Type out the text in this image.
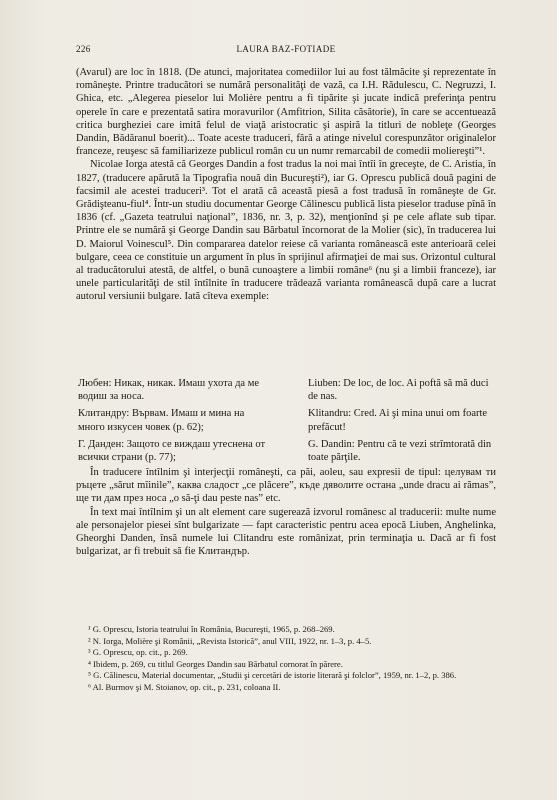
226	LAURA BAZ-FOTIADE

(Avarul) are loc în 1818. (De atunci, majoritatea comediilor lui au fost tălmăcite şi reprezentate în româneşte. Printre traducători se numără personalităţi de vază, ca I.H. Rădulescu, C. Negruzzi, I. Ghica, etc. „Alegerea pieselor lui Molière pentru a fi tipărite şi jucate indică preferinţa pentru operele în care e prezentată satira moravurilor (Amfitrion, Silita căsătorie), în care se accentuează critica burgheziei care imită felul de viaţă aristocratic şi aspiră la titluri de nobleţe (Georges Dandin, Bădăranul boerit)... Toate aceste traduceri, fără a atinge nivelul corespunzător originalelor franceze, reuşesc să familiarizeze publicul român cu un numr remarcabil de comedii moliereşti”¹.

Nicolae Iorga atestă că Georges Dandin a fost tradus la noi mai întîi în greceşte, de C. Aristia, în 1827, (traducere apărută la Tipografia nouă din Bucureşti²), iar G. Oprescu publică două pagini de facsimil ale acestei traduceri³. Tot el arată că această piesă a fost tradusă în româneşte de Gr. Grădişteanu-fiul⁴. Într-un studiu documentar George Călinescu publică lista pieselor traduse pînă în 1836 (cf. „Gazeta teatrului naţional”, 1836, nr. 3, p. 32), menţionînd şi pe cele aflate sub tipar. Printre ele se numără şi George Dandin sau Bărbatul încornorat de la Molier (sic), în traducerea lui D. Maiorul Voinescul⁵. Din compararea datelor reiese că varianta românească este anterioară celei bulgare, ceea ce constituie un argument în plus în sprijinul afirmaţiei de mai sus. Orizontul cultural al traducătorului atestă, de altfel, o bună cunoaştere a limbii române⁶ (nu şi a limbii franceze), iar unele particularităţi de stil întîlnite în traducere trădează varianta românească după care a lucrat autorul versiunii bulgare. Iată cîteva exemple:

Любен: Никак, никак. Имаш ухота да ме водиш за носа.
Клитандру: Вървам. Имаш и мина на много изкусен човек (p. 62);
Г. Данден: Защото се виждаш утеснена от всички страни (p. 77);
Liuben: De loc, de loc. Ai poftă să mă duci de nas.
Klitandru: Cred. Ai şi mina unui om foarte prefăcut!
G. Dandin: Pentru că te vezi strîmtorată din toate părţile.

În traducere întîlnim şi interjecţii româneşti, ca păi, aoleu, sau expresii de tipul: целувам ти ръцете „sărut mîinile”, каква сладост „ce plăcere”, къде дяволите остана „unde dracu ai rămas”, ще ти дам през носа „o să-ţi dau peste nas” etc.

În text mai întîlnim şi un alt element care sugerează izvorul românesc al traducerii: multe nume ale personajelor piesei sînt bulgarizate — fapt caracteristic pentru acea epocă Liuben, Anghelinka, Gheorghi Danden, însă numele lui Clitandru este românizat, prin terminaţia u. Dacă ar fi fost bulgarizat, ar fi trebuit să fie Клитандър.

¹ G. Oprescu, Istoria teatrului în România, Bucureşti, 1965, p. 268–269.
² N. Iorga, Molière şi Românii, „Revista Istorică”, anul VIII, 1922, nr. 1–3, p. 4–5.
³ G. Oprescu, op. cit., p. 269.
⁴ Ibidem, p. 269, cu titlul Georges Dandin sau Bărbatul cornorat în părere.
⁵ G. Călinescu, Material documentar, „Studii şi cercetări de istorie literară şi folclor”, 1959, nr. 1–2, p. 386.
⁶ Al. Burmov şi M. Stoianov, op. cit., p. 231, coloana II.
